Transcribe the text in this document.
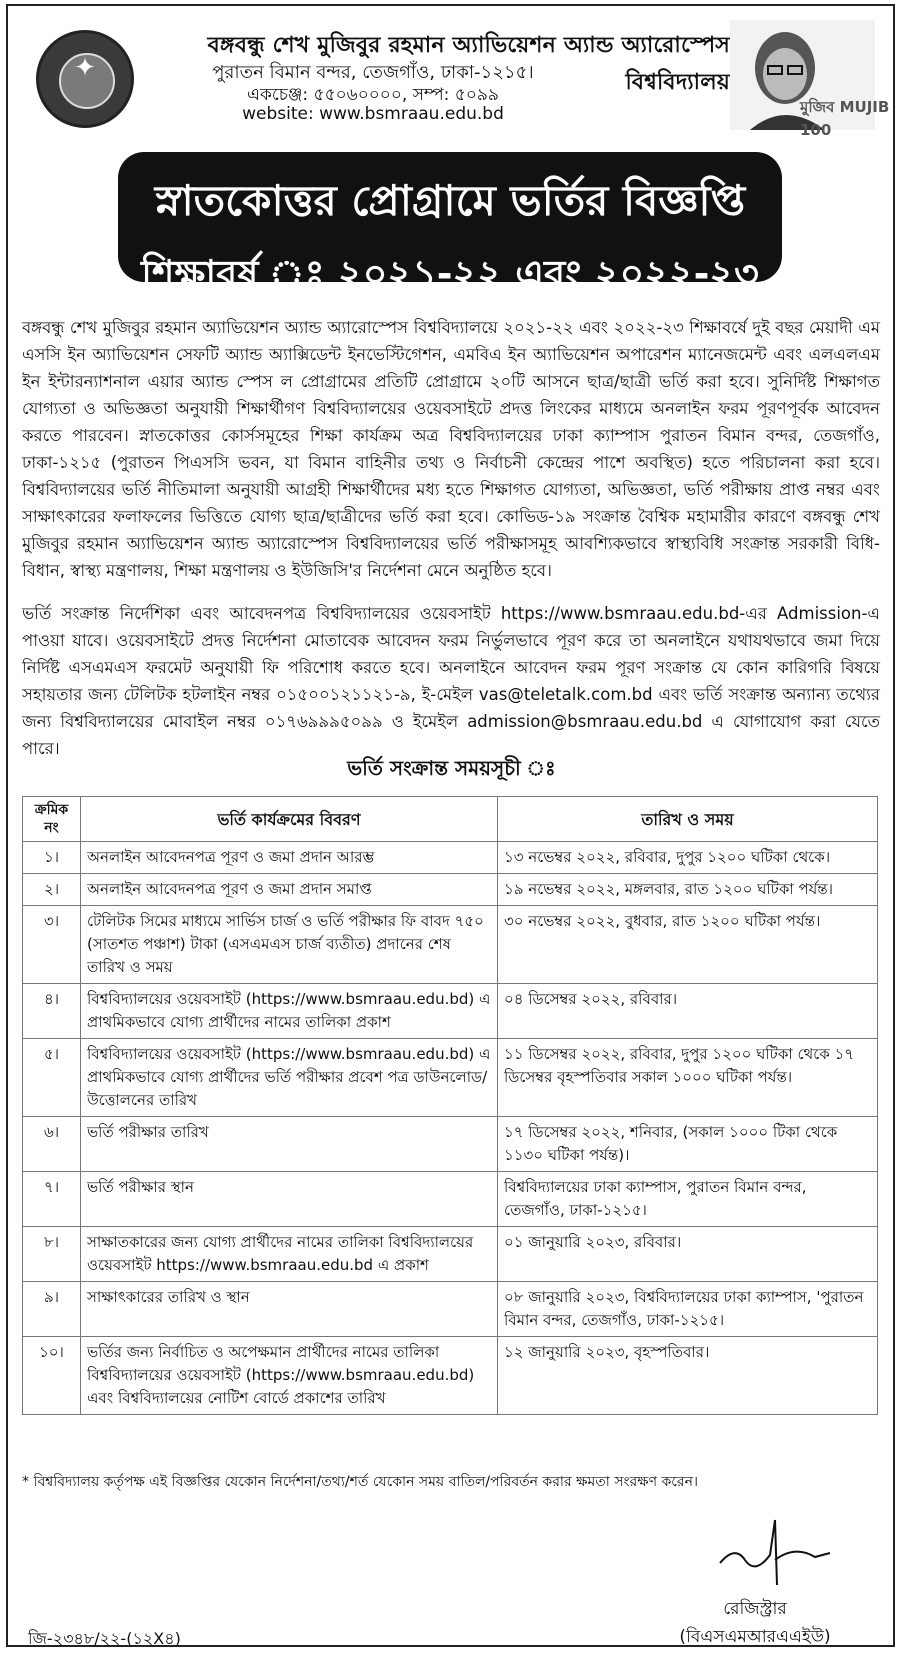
✦
বঙ্গবন্ধু শেখ মুজিবুর রহমান অ্যাভিয়েশন অ্যান্ড অ্যারোস্পেস বিশ্ববিদ্যালয়
পুরাতন বিমান বন্দর, তেজগাঁও, ঢাকা-১২১৫।
একচেঞ্জ: ৫৫০৬০০০০, সম্প: ৫০৯৯
website: www.bsmraau.edu.bd	মুজিব MUJIB 100
স্নাতকোত্তর প্রোগ্রামে ভর্তির বিজ্ঞপ্তি
শিক্ষাবর্ষ ঃ ২০২১-২২ এবং ২০২২-২৩
বঙ্গবন্ধু শেখ মুজিবুর রহমান অ্যাভিয়েশন অ্যান্ড অ্যারোস্পেস বিশ্ববিদ্যালয়ে ২০২১-২২ এবং ২০২২-২৩ শিক্ষাবর্ষে দুই বছর মেয়াদী এম এসসি ইন অ্যাভিয়েশন সেফটি অ্যান্ড অ্যাক্সিডেন্ট ইনভেস্টিগেশন, এমবিএ ইন অ্যাভিয়েশন অপারেশন ম্যানেজমেন্ট এবং এলএলএম ইন ইন্টারন্যাশনাল এয়ার অ্যান্ড স্পেস ল প্রোগ্রামের প্রতিটি প্রোগ্রামে ২০টি আসনে ছাত্র/ছাত্রী ভর্তি করা হবে। সুনির্দিষ্ট শিক্ষাগত যোগ্যতা ও অভিজ্ঞতা অনুযায়ী শিক্ষার্থীগণ বিশ্ববিদ্যালয়ের ওয়েবসাইটে প্রদত্ত লিংকের মাধ্যমে অনলাইন ফরম পূরণপূর্বক আবেদন করতে পারবেন। স্নাতকোত্তর কোর্সসমূহের শিক্ষা কার্যক্রম অত্র বিশ্ববিদ্যালয়ের ঢাকা ক্যাম্পাস পুরাতন বিমান বন্দর, তেজগাঁও, ঢাকা-১২১৫ (পুরাতন পিএসসি ভবন, যা বিমান বাহিনীর তথ্য ও নির্বাচনী কেন্দ্রের পাশে অবস্থিত) হতে পরিচালনা করা হবে। বিশ্ববিদ্যালয়ের ভর্তি নীতিমালা অনুযায়ী আগ্রহী শিক্ষার্থীদের মধ্য হতে শিক্ষাগত যোগ্যতা, অভিজ্ঞতা, ভর্তি পরীক্ষায় প্রাপ্ত নম্বর এবং সাক্ষাৎকারের ফলাফলের ভিত্তিতে যোগ্য ছাত্র/ছাত্রীদের ভর্তি করা হবে। কোভিড-১৯ সংক্রান্ত বৈশ্বিক মহামারীর কারণে বঙ্গবন্ধু শেখ মুজিবুর রহমান অ্যাভিয়েশন অ্যান্ড অ্যারোস্পেস বিশ্ববিদ্যালয়ের ভর্তি পরীক্ষাসমূহ আবশ্যিকভাবে স্বাস্থ্যবিধি সংক্রান্ত সরকারী বিধি-বিধান, স্বাস্থ্য মন্ত্রণালয়, শিক্ষা মন্ত্রণালয় ও ইউজিসি'র নির্দেশনা মেনে অনুষ্ঠিত হবে।
ভর্তি সংক্রান্ত নির্দেশিকা এবং আবেদনপত্র বিশ্ববিদ্যালয়ের ওয়েবসাইট https://www.bsmraau.edu.bd-এর Admission-এ পাওয়া যাবে। ওয়েবসাইটে প্রদত্ত নির্দেশনা মোতাবেক আবেদন ফরম নির্ভুলভাবে পূরণ করে তা অনলাইনে যথাযথভাবে জমা দিয়ে নির্দিষ্ট এসএমএস ফরমেট অনুযায়ী ফি পরিশোধ করতে হবে। অনলাইনে আবেদন ফরম পূরণ সংক্রান্ত যে কোন কারিগরি বিষয়ে সহায়তার জন্য টেলিটক হটলাইন নম্বর ০১৫০০১২১১২১-৯, ই-মেইল vas@teletalk.com.bd এবং ভর্তি সংক্রান্ত অন্যান্য তথ্যের জন্য বিশ্ববিদ্যালয়ের মোবাইল নম্বর ০১৭৬৯৯৯৫০৯৯ ও ইমেইল admission@bsmraau.edu.bd এ যোগাযোগ করা যেতে পারে।
ভর্তি সংক্রান্ত সময়সূচী ঃ
ক্রমিক নং	ভর্তি কার্যক্রমের বিবরণ	তারিখ ও সময়
১।	অনলাইন আবেদনপত্র পূরণ ও জমা প্রদান আরম্ভ	১৩ নভেম্বর ২০২২, রবিবার, দুপুর ১২০০ ঘটিকা থেকে।
২।	অনলাইন আবেদনপত্র পূরণ ও জমা প্রদান সমাপ্ত	১৯ নভেম্বর ২০২২, মঙ্গলবার, রাত ১২০০ ঘটিকা পর্যন্ত।
৩।	টেলিটক সিমের মাধ্যমে সার্ভিস চার্জ ও ভর্তি পরীক্ষার ফি বাবদ ৭৫০ (সাতশত পঞ্চাশ) টাকা (এসএমএস চার্জ ব্যতীত) প্রদানের শেষ তারিখ ও সময়	৩০ নভেম্বর ২০২২, বুধবার, রাত ১২০০ ঘটিকা পর্যন্ত।
৪।	বিশ্ববিদ্যালয়ের ওয়েবসাইট (https://www.bsmraau.edu.bd) এ প্রাথমিকভাবে যোগ্য প্রার্থীদের নামের তালিকা প্রকাশ	০৪ ডিসেম্বর ২০২২, রবিবার।
৫।	বিশ্ববিদ্যালয়ের ওয়েবসাইট (https://www.bsmraau.edu.bd) এ প্রাথমিকভাবে যোগ্য প্রার্থীদের ভর্তি পরীক্ষার প্রবেশ পত্র ডাউনলোড/ উত্তোলনের তারিখ	১১ ডিসেম্বর ২০২২, রবিবার, দুপুর ১২০০ ঘটিকা থেকে ১৭ ডিসেম্বর বৃহস্পতিবার সকাল ১০০০ ঘটিকা পর্যন্ত।
৬।	ভর্তি পরীক্ষার তারিখ	১৭ ডিসেম্বর ২০২২, শনিবার, (সকাল ১০০০ টিকা থেকে ১১৩০ ঘটিকা পর্যন্ত)।
৭।	ভর্তি পরীক্ষার স্থান	বিশ্ববিদ্যালয়ের ঢাকা ক্যাম্পাস, পুরাতন বিমান বন্দর, তেজগাঁও, ঢাকা-১২১৫।
৮।	সাক্ষাতকারের জন্য যোগ্য প্রার্থীদের নামের তালিকা বিশ্ববিদ্যালয়ের ওয়েবসাইট https://www.bsmraau.edu.bd এ প্রকাশ	০১ জানুয়ারি ২০২৩, রবিবার।
৯।	সাক্ষাৎকারের তারিখ ও স্থান	০৮ জানুয়ারি ২০২৩, বিশ্ববিদ্যালয়ের ঢাকা ক্যাম্পাস, 'পুরাতন বিমান বন্দর, তেজগাঁও, ঢাকা-১২১৫।
১০।	ভর্তির জন্য নির্বাচিত ও অপেক্ষমান প্রার্থীদের নামের তালিকা বিশ্ববিদ্যালয়ের ওয়েবসাইট (https://www.bsmraau.edu.bd) এবং বিশ্ববিদ্যালয়ের নোটিশ বোর্ডে প্রকাশের তারিখ	১২ জানুয়ারি ২০২৩, বৃহস্পতিবার।
* বিশ্ববিদ্যালয় কর্তৃপক্ষ এই বিজ্ঞপ্তির যেকোন নির্দেশনা/তথ্য/শর্ত যেকোন সময় বাতিল/পরিবর্তন করার ক্ষমতা সংরক্ষণ করেন।
রেজিস্ট্রার
(বিএসএমআরএএইউ)
জি-২৩৪৮/২২-(১২X৪)
